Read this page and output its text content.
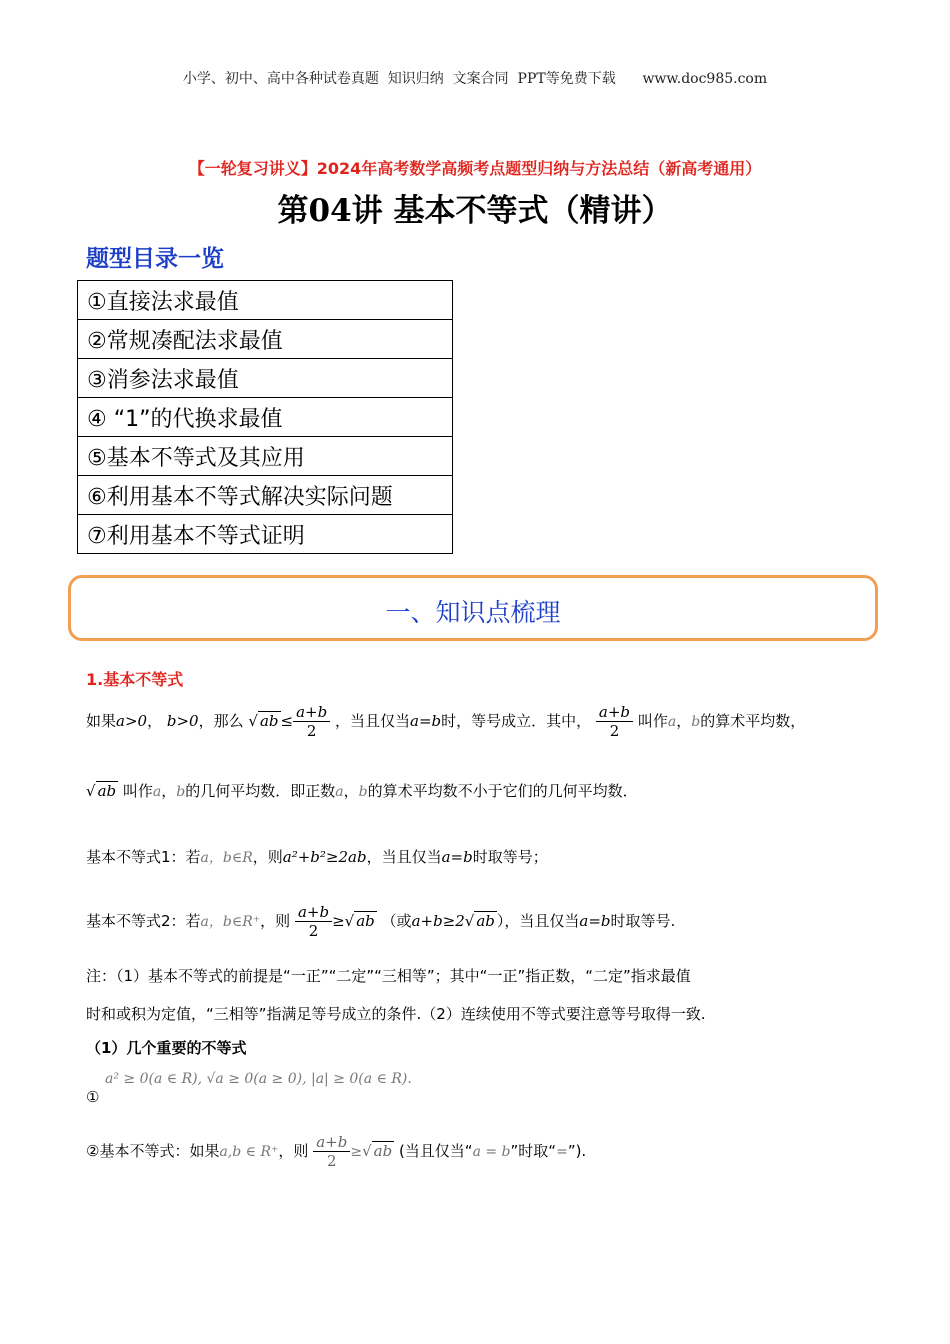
小学、初中、高中各种试卷真题  知识归纳  文案合同  PPT等免费下载 www.doc985.com
【一轮复习讲义】2024年高考数学高频考点题型归纳与方法总结（新高考通用）
第04讲 基本不等式（精讲）
题型目录一览
①直接法求最值
②常规凑配法求最值
③消参法求最值
④ “1”的代换求最值
⑤基本不等式及其应用
⑥利用基本不等式解决实际问题
⑦利用基本不等式证明
一、知识点梳理
1.基本不等式
如果a>0， b>0，那么 √ ab ≤ $\frac{a+b}{2}$ ，当且仅当a=b时，等号成立．其中， $\frac{a+b}{2}$ 叫作a，b的算术平均数，
√ ab 叫作a，b的几何平均数．即正数a，b的算术平均数不小于它们的几何平均数．
基本不等式1：若a，b∈R，则a²+b²≥2ab，当且仅当a=b时取等号；
基本不等式2：若a，b∈R⁺，则 $\frac{a+b}{2}$ ≥√ ab （或a+b≥2√ ab ），当且仅当a=b时取等号.
注：（1）基本不等式的前提是“一正”“二定”“三相等”；其中“一正”指正数，“二定”指求最值
时和或积为定值，“三相等”指满足等号成立的条件.（2）连续使用不等式要注意等号取得一致.
（1）几个重要的不等式
a² ≥ 0(a ∈ R), √a ≥ 0(a ≥ 0), |a| ≥ 0(a ∈ R).
①
②基本不等式：如果a,b ∈ R⁺，则 $\frac{a+b}{2}$ ≥√ ab (当且仅当“a = b”时取“=”).
